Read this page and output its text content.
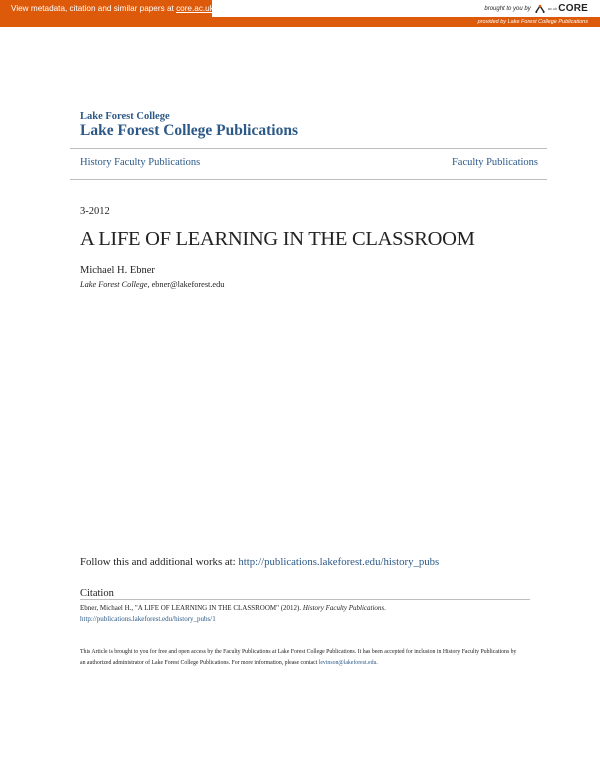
View metadata, citation and similar papers at core.ac.uk	brought to you by	ac.uk CORE
provided by Lake Forest College Publications
Lake Forest College
Lake Forest College Publications
History Faculty Publications	Faculty Publications
3-2012
A LIFE OF LEARNING IN THE CLASSROOM
Michael H. Ebner
Lake Forest College, ebner@lakeforest.edu
Follow this and additional works at: http://publications.lakeforest.edu/history_pubs
Citation
Ebner, Michael H., "A LIFE OF LEARNING IN THE CLASSROOM" (2012). History Faculty Publications.
http://publications.lakeforest.edu/history_pubs/1
This Article is brought to you for free and open access by the Faculty Publications at Lake Forest College Publications. It has been accepted for inclusion in History Faculty Publications by an authorized administrator of Lake Forest College Publications. For more information, please contact levinson@lakeforest.edu.
